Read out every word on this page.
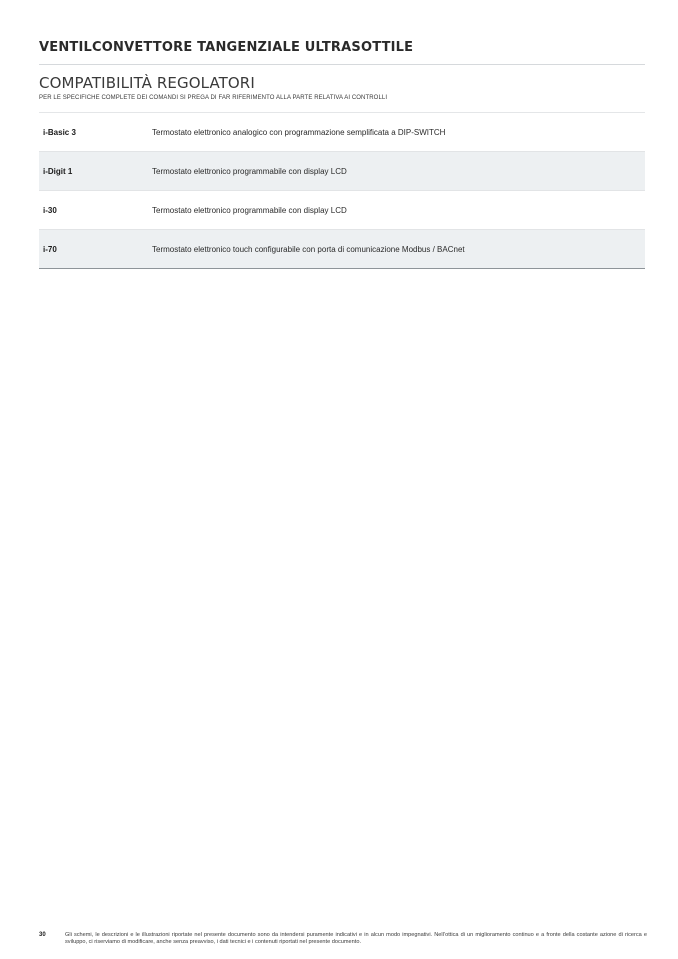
VENTILCONVETTORE TANGENZIALE ULTRASOTTILE
COMPATIBILITÀ REGOLATORI
PER LE SPECIFICHE COMPLETE DEI COMANDI SI PREGA DI FAR RIFERIMENTO ALLA PARTE RELATIVA AI CONTROLLI
i-Basic 3	Termostato elettronico analogico con programmazione semplificata a DIP-SWITCH
i-Digit 1	Termostato elettronico programmabile con display LCD
i-30	Termostato elettronico programmabile con display LCD
i-70	Termostato elettronico touch configurabile con porta di comunicazione Modbus / BACnet
30	Gli schemi, le descrizioni e le illustrazioni riportate nel presente documento sono da intendersi puramente indicativi e in alcun modo impegnativi. Nell’ottica di un miglioramento continuo e a fronte della costante azione di ricerca e sviluppo, ci riserviamo di modificare, anche senza preavviso, i dati tecnici e i contenuti riportati nel presente documento.
